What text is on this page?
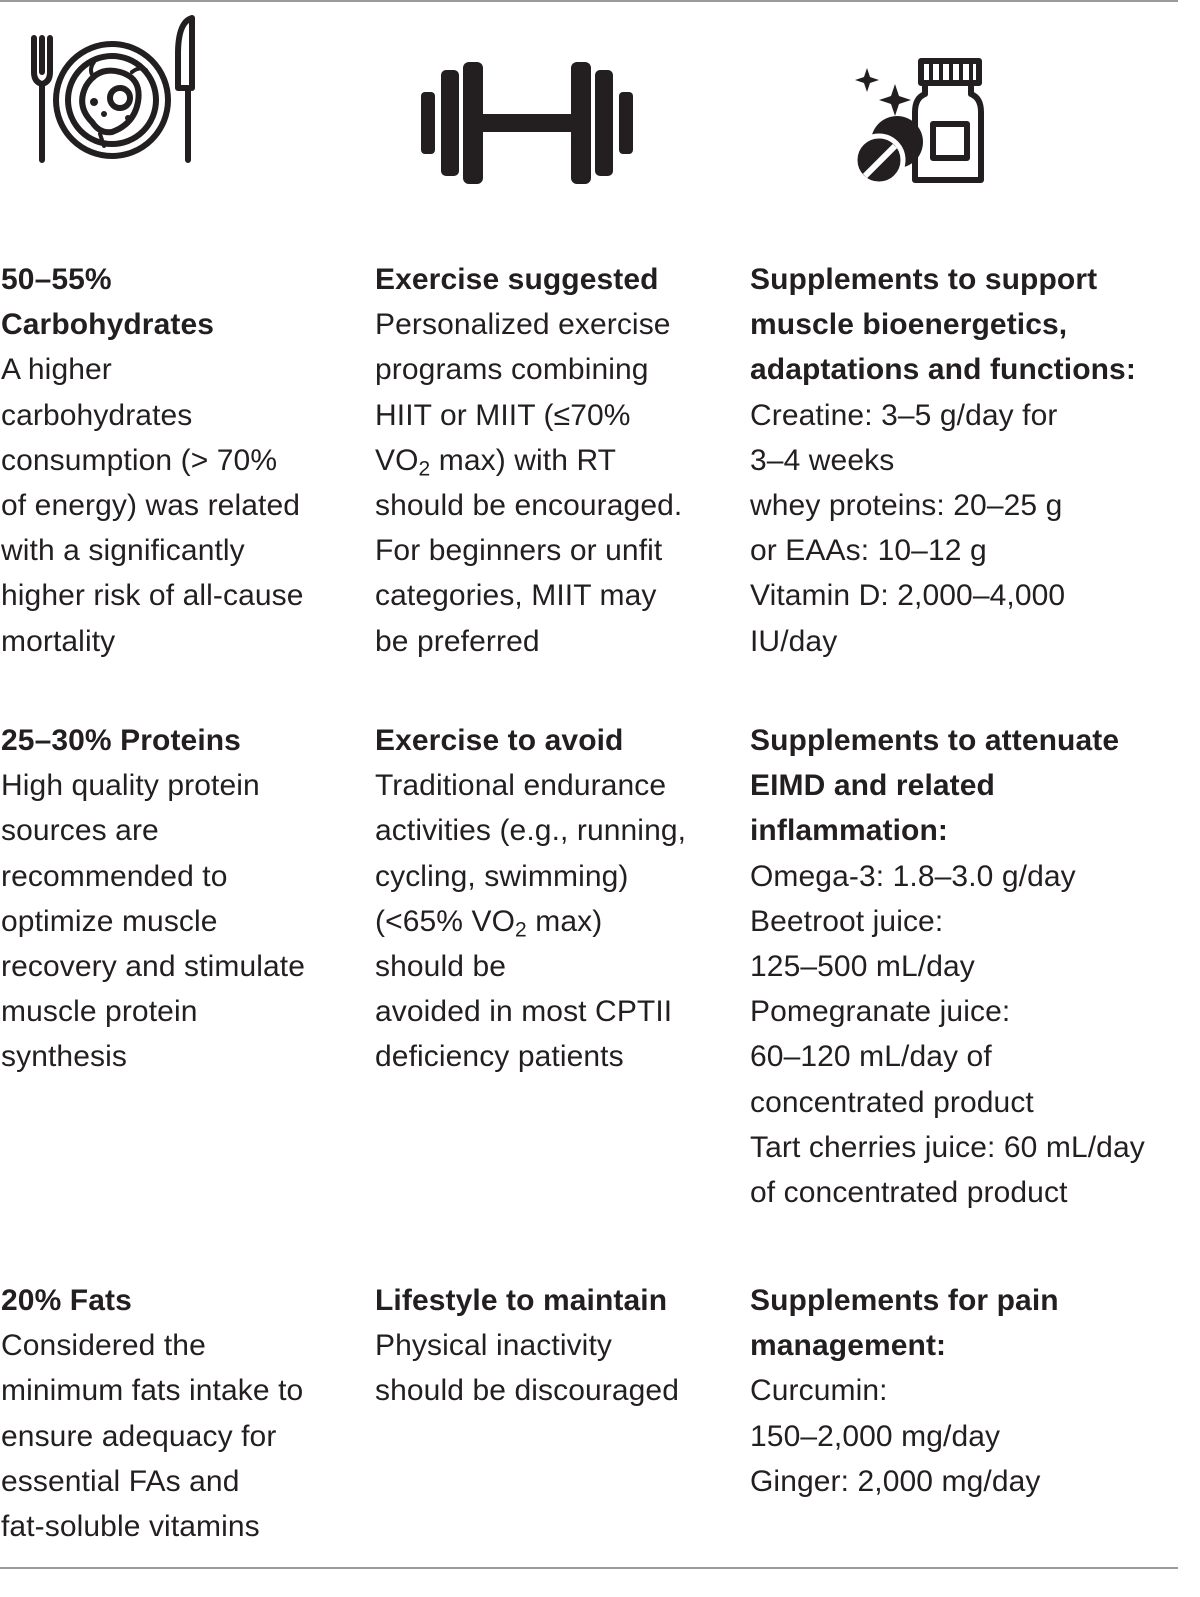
50–55%
Carbohydrates
A higher
carbohydrates
consumption (> 70%
of energy) was related
with a significantly
higher risk of all-cause
mortality
25–30% Proteins
High quality protein
sources are
recommended to
optimize muscle
recovery and stimulate
muscle protein
synthesis
20% Fats
Considered the
minimum fats intake to
ensure adequacy for
essential FAs and
fat-soluble vitamins
Exercise suggested
Personalized exercise
programs combining
HIIT or MIIT (≤70%
$VO_2$ max) with RT
should be encouraged.
For beginners or unfit
categories, MIIT may
be preferred
Exercise to avoid
Traditional endurance
activities (e.g., running,
cycling, swimming)
(<65% $VO_2$ max)
should be
avoided in most CPTII
deficiency patients
Lifestyle to maintain
Physical inactivity
should be discouraged
Supplements to support
muscle bioenergetics,
adaptations and functions:
Creatine: 3–5 g/day for
3–4 weeks
whey proteins: 20–25 g
or EAAs: 10–12 g
Vitamin D: 2,000–4,000
IU/day
Supplements to attenuate
EIMD and related
inflammation:
Omega-3: 1.8–3.0 g/day
Beetroot juice:
125–500 mL/day
Pomegranate juice:
60–120 mL/day of
concentrated product
Tart cherries juice: 60 mL/day
of concentrated product
Supplements for pain
management:
Curcumin:
150–2,000 mg/day
Ginger: 2,000 mg/day
